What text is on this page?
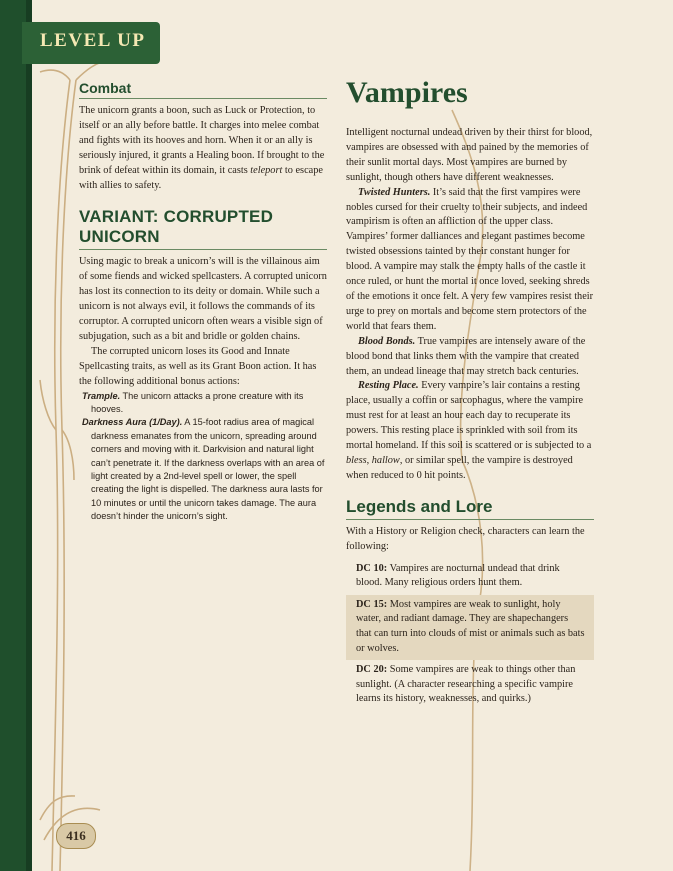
LEVEL UP
Combat

The unicorn grants a boon, such as Luck or Protection, to itself or an ally before battle. It charges into melee combat and fights with its hooves and horn. When it or an ally is seriously injured, it grants a Healing boon. If brought to the brink of defeat within its domain, it casts teleport to escape with allies to safety.

VARIANT: CORRUPTED UNICORN

Using magic to break a unicorn’s will is the villainous aim of some fiends and wicked spellcasters. A corrupted unicorn has lost its connection to its deity or domain. While such a unicorn is not always evil, it follows the commands of its corruptor. A corrupted unicorn often wears a visible sign of subjugation, such as a bit and bridle or golden chains.

The corrupted unicorn loses its Good and Innate Spellcasting traits, as well as its Grant Boon action. It has the following additional bonus actions:

Trample. The unicorn attacks a prone creature with its hooves.

Darkness Aura (1/Day). A 15-foot radius area of magical darkness emanates from the unicorn, spreading around corners and moving with it. Darkvision and natural light can’t penetrate it. If the darkness overlaps with an area of light created by a 2nd-level spell or lower, the spell creating the light is dispelled. The darkness aura lasts for 10 minutes or until the unicorn takes damage. The aura doesn’t hinder the unicorn’s sight.

Vampires

Intelligent nocturnal undead driven by their thirst for blood, vampires are obsessed with and pained by the memories of their sunlit mortal days. Most vampires are burned by sunlight, though others have different weaknesses.

Twisted Hunters. It’s said that the first vampires were nobles cursed for their cruelty to their subjects, and indeed vampirism is often an affliction of the upper class. Vampires’ former dalliances and elegant pastimes become twisted obsessions tainted by their constant hunger for blood. A vampire may stalk the empty halls of the castle it once ruled, or hunt the mortal it once loved, seeking shreds of the emotions it once felt. A very few vampires resist their urge to prey on mortals and become stern protectors of the world that fears them.

Blood Bonds. True vampires are intensely aware of the blood bond that links them with the vampire that created them, an undead lineage that may stretch back centuries.

Resting Place. Every vampire’s lair contains a resting place, usually a coffin or sarcophagus, where the vampire must rest for at least an hour each day to recuperate its powers. This resting place is sprinkled with soil from its mortal homeland. If this soil is scattered or is subjected to a bless, hallow, or similar spell, the vampire is destroyed when reduced to 0 hit points.

Legends and Lore

With a History or Religion check, characters can learn the following:

DC 10: Vampires are nocturnal undead that drink blood. Many religious orders hunt them.

DC 15: Most vampires are weak to sunlight, holy water, and radiant damage. They are shapechangers that can turn into clouds of mist or animals such as bats or wolves.

DC 20: Some vampires are weak to things other than sunlight. (A character researching a specific vampire learns its history, weaknesses, and quirks.)

416
